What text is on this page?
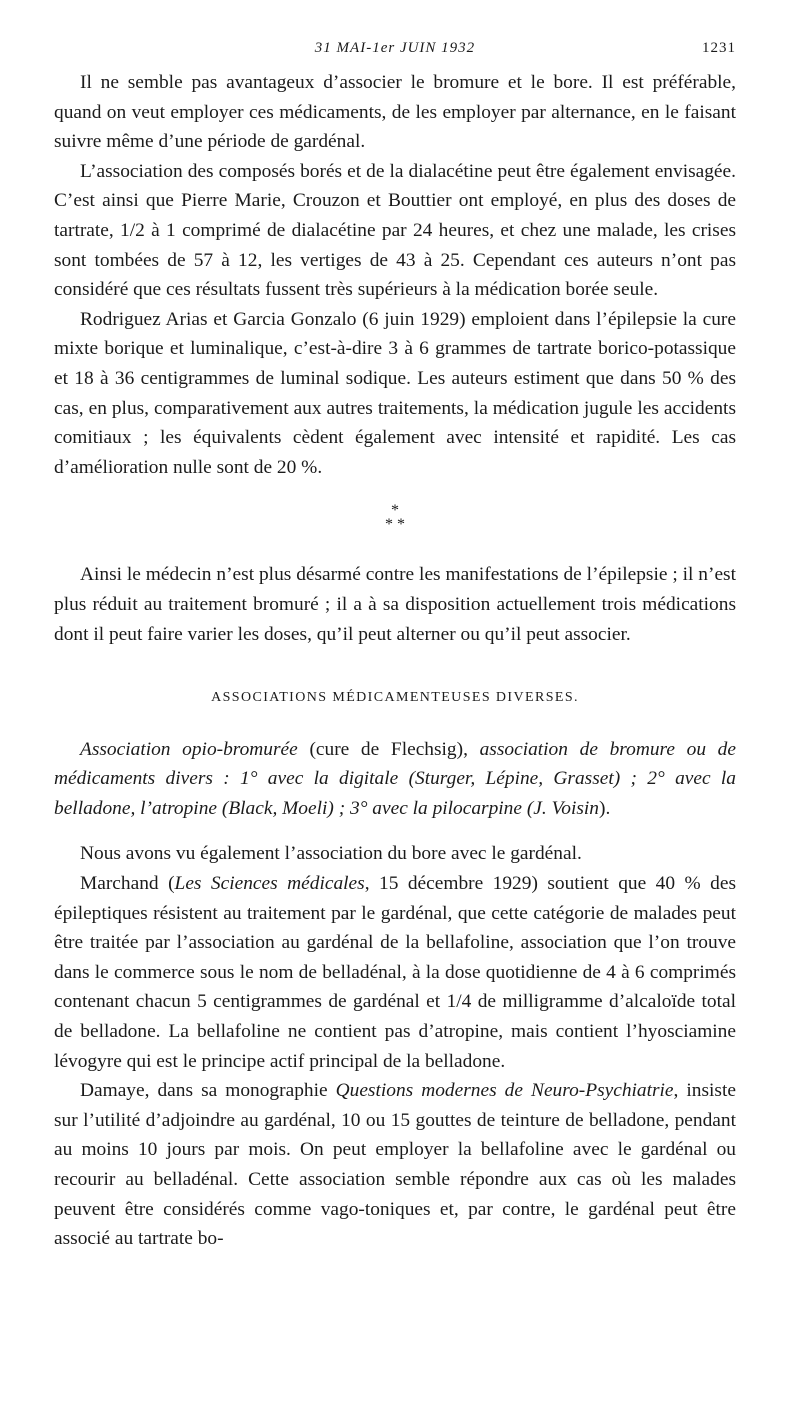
31 MAI-1er JUIN 1932	1231

Il ne semble pas avantageux d’associer le bromure et le bore. Il est préférable, quand on veut employer ces médicaments, de les employer par alternance, en le faisant suivre même d’une période de gardénal.

L’association des composés borés et de la dialacétine peut être également envisagée. C’est ainsi que Pierre Marie, Crouzon et Bouttier ont employé, en plus des doses de tartrate, 1/2 à 1 comprimé de dialacétine par 24 heures, et chez une malade, les crises sont tombées de 57 à 12, les vertiges de 43 à 25. Cependant ces auteurs n’ont pas considéré que ces résultats fussent très supérieurs à la médication borée seule.

Rodriguez Arias et Garcia Gonzalo (6 juin 1929) emploient dans l’épilepsie la cure mixte borique et luminalique, c’est-à-dire 3 à 6 grammes de tartrate borico-potassique et 18 à 36 centigrammes de luminal sodique. Les auteurs estiment que dans 50 % des cas, en plus, comparativement aux autres traitements, la médication jugule les accidents comitiaux ; les équivalents cèdent également avec intensité et rapidité. Les cas d’amélioration nulle sont de 20 %.

*
* *

Ainsi le médecin n’est plus désarmé contre les manifestations de l’épilepsie ; il n’est plus réduit au traitement bromuré ; il a à sa disposition actuellement trois médications dont il peut faire varier les doses, qu’il peut alterner ou qu’il peut associer.

ASSOCIATIONS MÉDICAMENTEUSES DIVERSES.

Association opio-bromurée (cure de Flechsig), association de bromure ou de médicaments divers : 1° avec la digitale (Sturger, Lépine, Grasset) ; 2° avec la belladone, l’atropine (Black, Moeli) ; 3° avec la pilocarpine (J. Voisin).

Nous avons vu également l’association du bore avec le gardénal.

Marchand (Les Sciences médicales, 15 décembre 1929) soutient que 40 % des épileptiques résistent au traitement par le gardénal, que cette catégorie de malades peut être traitée par l’association au gardénal de la bellafoline, association que l’on trouve dans le commerce sous le nom de belladénal, à la dose quotidienne de 4 à 6 comprimés contenant chacun 5 centigrammes de gardénal et 1/4 de milligramme d’alcaloïde total de belladone. La bellafoline ne contient pas d’atropine, mais contient l’hyosciamine lévogyre qui est le principe actif principal de la belladone.

Damaye, dans sa monographie Questions modernes de Neuro-Psychiatrie, insiste sur l’utilité d’adjoindre au gardénal, 10 ou 15 gouttes de teinture de belladone, pendant au moins 10 jours par mois. On peut employer la bellafoline avec le gardénal ou recourir au belladénal. Cette association semble répondre aux cas où les malades peuvent être considérés comme vago-toniques et, par contre, le gardénal peut être associé au tartrate bo-
